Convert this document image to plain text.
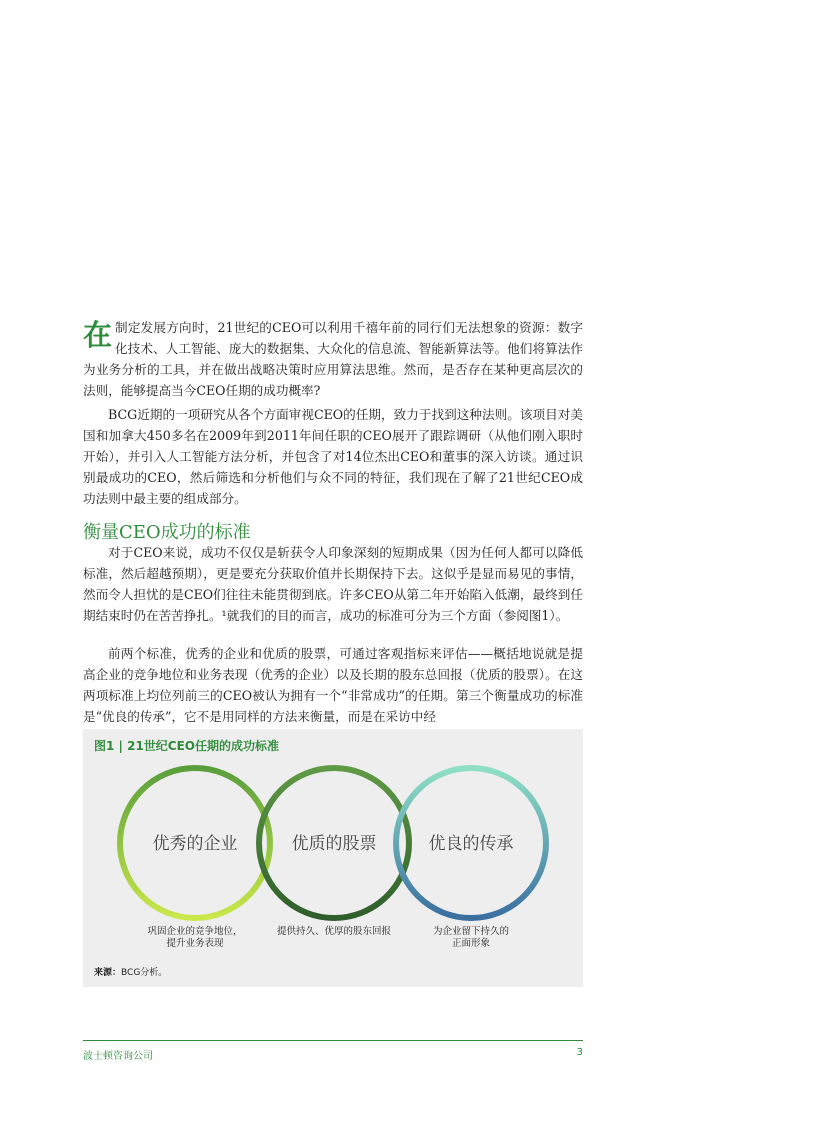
在 制定发展方向时，21世纪的CEO可以利用千禧年前的同行们无法想象的资源：数字化技术、人工智能、庞大的数据集、大众化的信息流、智能新算法等。他们将算法作为业务分析的工具，并在做出战略决策时应用算法思维。然而，是否存在某种更高层次的法则，能够提高当今CEO任期的成功概率?

BCG近期的一项研究从各个方面审视CEO的任期，致力于找到这种法则。该项目对美国和加拿大450多名在2009年到2011年间任职的CEO展开了跟踪调研（从他们刚入职时开始），并引入人工智能方法分析，并包含了对14位杰出CEO和董事的深入访谈。通过识别最成功的CEO，然后筛选和分析他们与众不同的特征，我们现在了解了21世纪CEO成功法则中最主要的组成部分。

衡量CEO成功的标准

对于CEO来说，成功不仅仅是斩获令人印象深刻的短期成果（因为任何人都可以降低标准，然后超越预期），更是要充分获取价值并长期保持下去。这似乎是显而易见的事情，然而令人担忧的是CEO们往往未能贯彻到底。许多CEO从第二年开始陷入低潮，最终到任期结束时仍在苦苦挣扎。¹就我们的目的而言，成功的标准可分为三个方面（参阅图1）。

前两个标准，优秀的企业和优质的股票，可通过客观指标来评估——概括地说就是提高企业的竞争地位和业务表现（优秀的企业）以及长期的股东总回报（优质的股票）。在这两项标准上均位列前三的CEO被认为拥有一个“非常成功”的任期。第三个衡量成功的标准是“优良的传承”，它不是用同样的方法来衡量，而是在采访中经

图1 | 21世纪CEO任期的成功标准
优秀的企业	优质的股票	优良的传承
巩固企业的竞争地位，
提升业务表现
提供持久、优厚的股东回报	为企业留下持久的
正面形象
来源：BCG分析。
波士顿咨询公司	3
